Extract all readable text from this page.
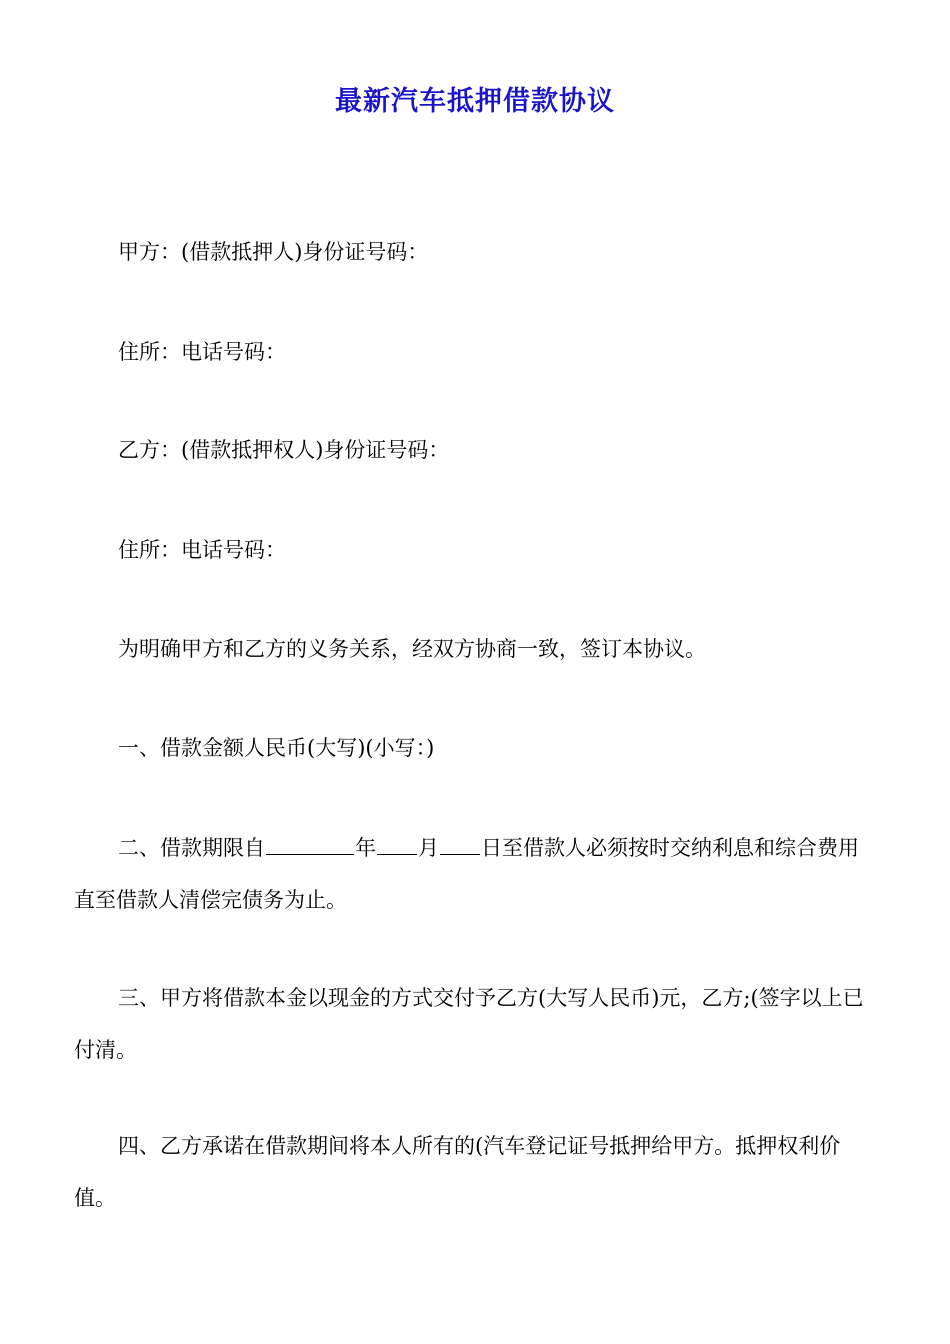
最新汽车抵押借款协议

甲方：(借款抵押人)身份证号码：

住所：电话号码：

乙方：(借款抵押权人)身份证号码：

住所：电话号码：

为明确甲方和乙方的义务关系，经双方协商一致，签订本协议。

一、借款金额人民币(大写)(小写：)

二、借款期限自	年 月 日至借款人必须按时交纳利息和综合费用直至借款人清偿完债务为止。

三、甲方将借款本金以现金的方式交付予乙方(大写人民币)元，乙方;(签字以上已付清。

四、乙方承诺在借款期间将本人所有的(汽车登记证号抵押给甲方。抵押权利价值。
